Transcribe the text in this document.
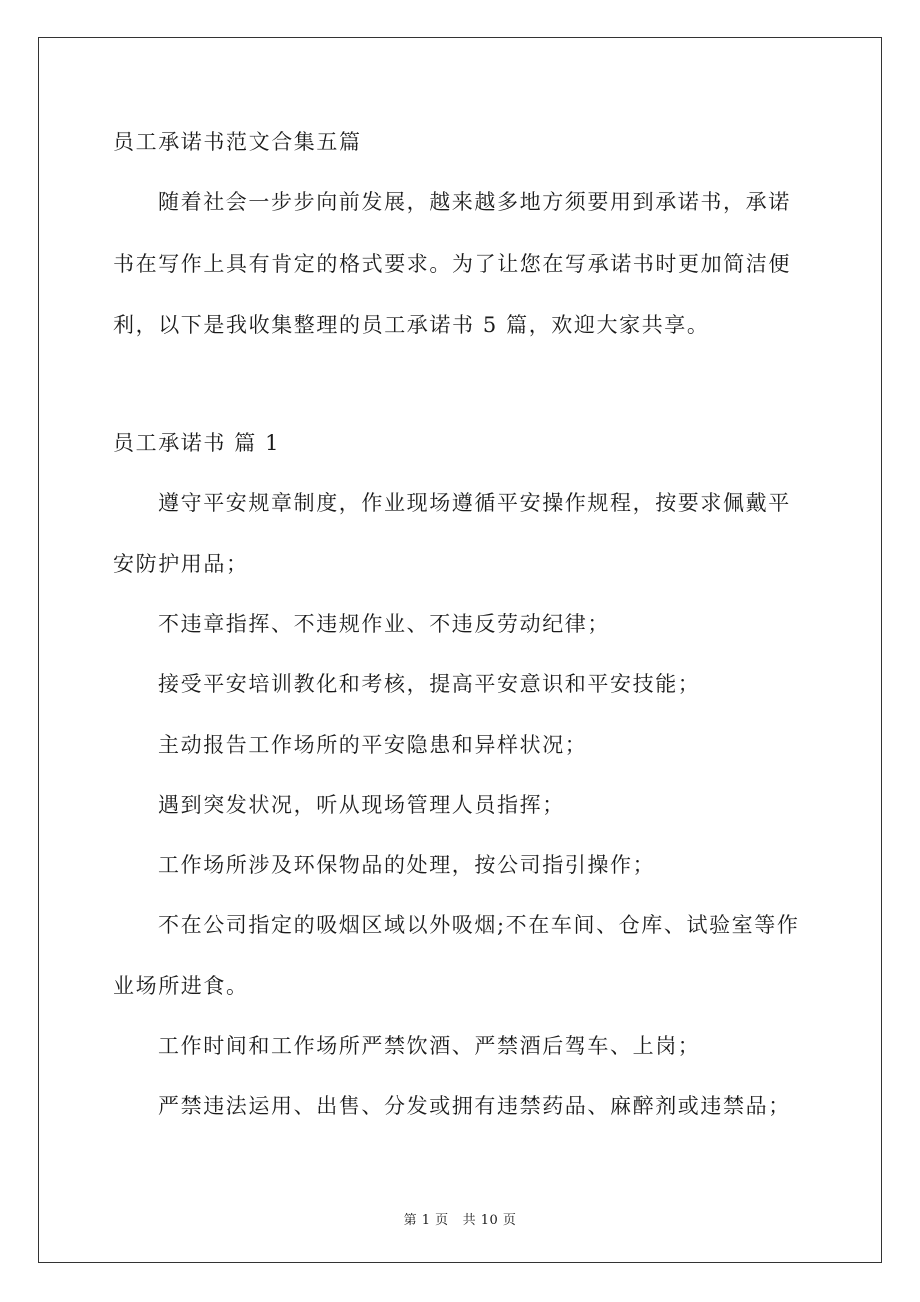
员工承诺书范文合集五篇
随着社会一步步向前发展，越来越多地方须要用到承诺书，承诺
书在写作上具有肯定的格式要求。为了让您在写承诺书时更加简洁便
利，以下是我收集整理的员工承诺书 5 篇，欢迎大家共享。
员工承诺书 篇 1
遵守平安规章制度，作业现场遵循平安操作规程，按要求佩戴平
安防护用品；
不违章指挥、不违规作业、不违反劳动纪律；
接受平安培训教化和考核，提高平安意识和平安技能；
主动报告工作场所的平安隐患和异样状况；
遇到突发状况，听从现场管理人员指挥；
工作场所涉及环保物品的处理，按公司指引操作；
不在公司指定的吸烟区域以外吸烟;不在车间、仓库、试验室等作
业场所进食。
工作时间和工作场所严禁饮酒、严禁酒后驾车、上岗；
严禁违法运用、出售、分发或拥有违禁药品、麻醉剂或违禁品；
第 1 页 共 10 页
